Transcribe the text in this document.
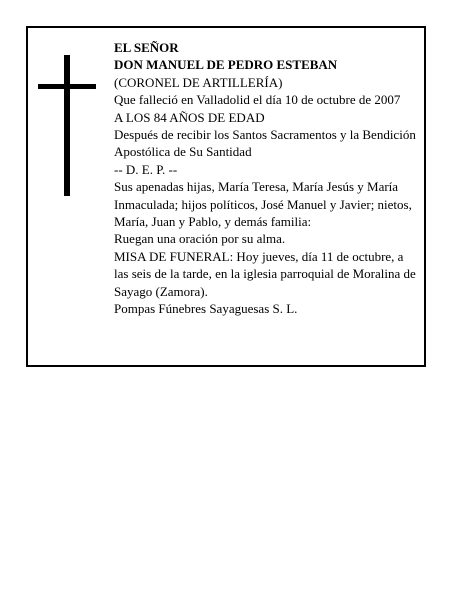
EL SEÑOR

DON MANUEL DE PEDRO ESTEBAN

(CORONEL DE ARTILLERÍA)

Que falleció en Valladolid el día 10 de octubre de 2007

A LOS 84 AÑOS DE EDAD

Después de recibir los Santos Sacramentos y la Bendición Apostólica de Su Santidad

-- D. E. P. --

Sus apenadas hijas, María Teresa, María Jesús y María Inmaculada; hijos políticos, José Manuel y Javier; nietos, María, Juan y Pablo, y demás familia:

Ruegan una oración por su alma.

MISA DE FUNERAL: Hoy jueves, día 11 de octubre, a las seis de la tarde, en la iglesia parroquial de Moralina de Sayago (Zamora).

Pompas Fúnebres Sayaguesas S. L.
